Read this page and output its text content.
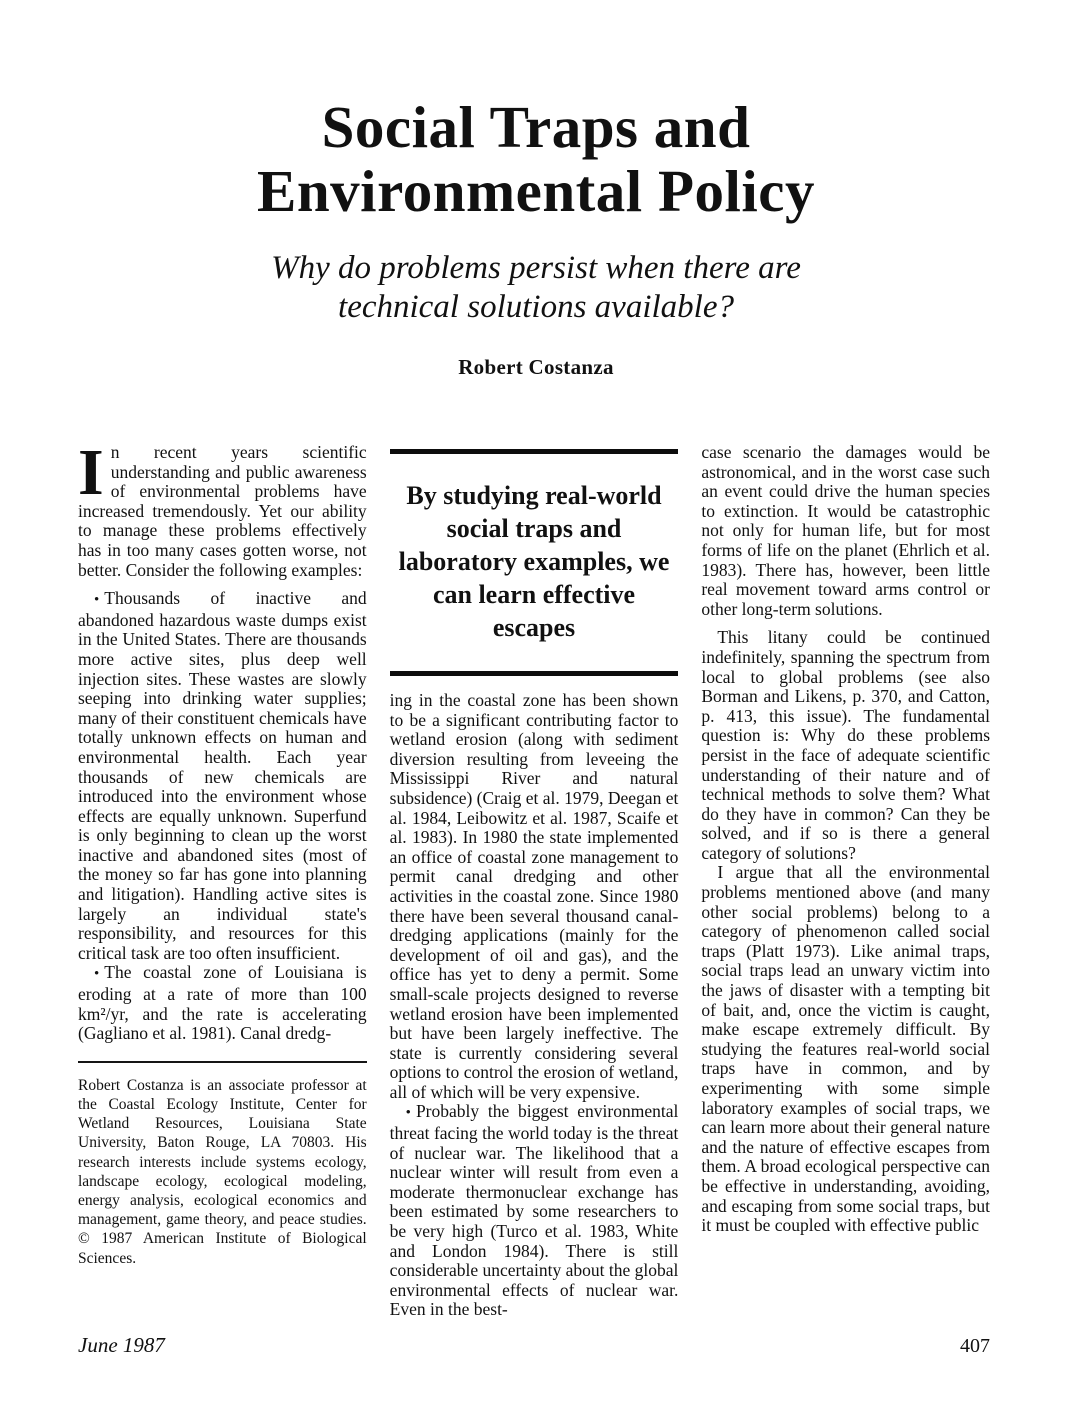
Social Traps and
Environmental Policy

Why do problems persist when there are technical solutions available?

Robert Costanza

In recent years scientific understanding and public awareness of environmental problems have increased tremendously. Yet our ability to manage these problems effectively has in too many cases gotten worse, not better. Consider the following examples:

• Thousands of inactive and abandoned hazardous waste dumps exist in the United States. There are thousands more active sites, plus deep well injection sites. These wastes are slowly seeping into drinking water supplies; many of their constituent chemicals have totally unknown effects on human and environmental health. Each year thousands of new chemicals are introduced into the environment whose effects are equally unknown. Superfund is only beginning to clean up the worst inactive and abandoned sites (most of the money so far has gone into planning and litigation). Handling active sites is largely an individual state's responsibility, and resources for this critical task are too often insufficient.

• The coastal zone of Louisiana is eroding at a rate of more than 100 km²/yr, and the rate is accelerating (Gagliano et al. 1981). Canal dredg-

Robert Costanza is an associate professor at the Coastal Ecology Institute, Center for Wetland Resources, Louisiana State University, Baton Rouge, LA 70803. His research interests include systems ecology, landscape ecology, ecological modeling, energy analysis, ecological economics and management, game theory, and peace studies. © 1987 American Institute of Biological Sciences.

By studying real-world social traps and laboratory examples, we can learn effective escapes

ing in the coastal zone has been shown to be a significant contributing factor to wetland erosion (along with sediment diversion resulting from leveeing the Mississippi River and natural subsidence) (Craig et al. 1979, Deegan et al. 1984, Leibowitz et al. 1987, Scaife et al. 1983). In 1980 the state implemented an office of coastal zone management to permit canal dredging and other activities in the coastal zone. Since 1980 there have been several thousand canal-dredging applications (mainly for the development of oil and gas), and the office has yet to deny a permit. Some small-scale projects designed to reverse wetland erosion have been implemented but have been largely ineffective. The state is currently considering several options to control the erosion of wetland, all of which will be very expensive.

• Probably the biggest environmental threat facing the world today is the threat of nuclear war. The likelihood that a nuclear winter will result from even a moderate thermonuclear exchange has been estimated by some researchers to be very high (Turco et al. 1983, White and London 1984). There is still considerable uncertainty about the global environmental effects of nuclear war. Even in the best-

case scenario the damages would be astronomical, and in the worst case such an event could drive the human species to extinction. It would be catastrophic not only for human life, but for most forms of life on the planet (Ehrlich et al. 1983). There has, however, been little real movement toward arms control or other long-term solutions.

This litany could be continued indefinitely, spanning the spectrum from local to global problems (see also Borman and Likens, p. 370, and Catton, p. 413, this issue). The fundamental question is: Why do these problems persist in the face of adequate scientific understanding of their nature and of technical methods to solve them? What do they have in common? Can they be solved, and if so is there a general category of solutions?

I argue that all the environmental problems mentioned above (and many other social problems) belong to a category of phenomenon called social traps (Platt 1973). Like animal traps, social traps lead an unwary victim into the jaws of disaster with a tempting bit of bait, and, once the victim is caught, make escape extremely difficult. By studying the features real-world social traps have in common, and by experimenting with some simple laboratory examples of social traps, we can learn more about their general nature and the nature of effective escapes from them. A broad ecological perspective can be effective in understanding, avoiding, and escaping from some social traps, but it must be coupled with effective public

June 1987	407
